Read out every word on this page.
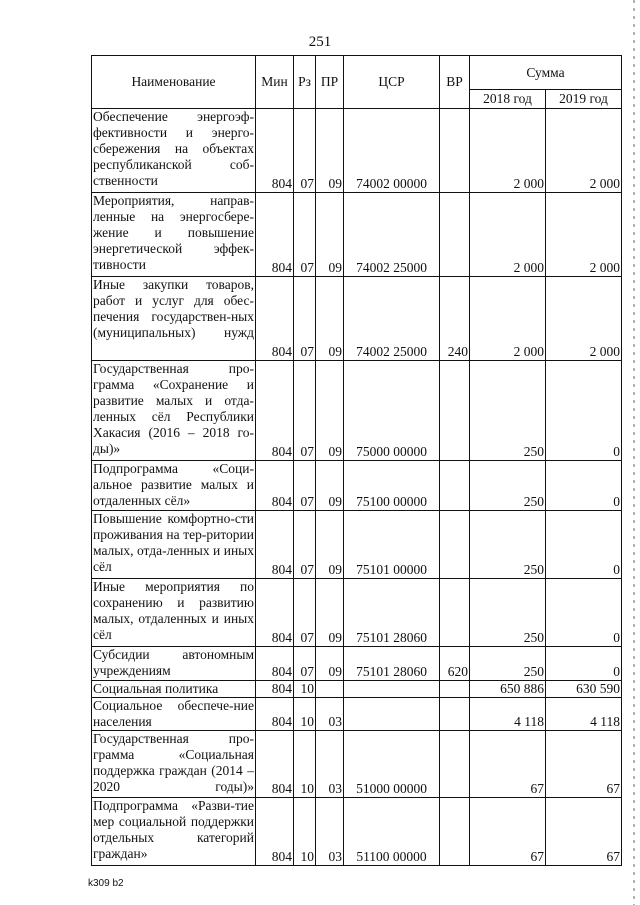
251
Наименование	Мин	Рз	ПР	ЦСР	ВР	Сумма	
						2018 год	2019 год
Обеспечение энергоэф-фективности и энерго-сбережения на объектах республиканской соб-ственности	804	07	09	74002 00000		2 000	2 000
Мероприятия, направ-ленные на энергосбере-жение и повышение энергетической эффек-тивности	804	07	09	74002 25000		2 000	2 000
Иные закупки товаров, работ и услуг для обес-печения государствен-ных (муниципальных) нужд	804	07	09	74002 25000	240	2 000	2 000
Государственная про-грамма «Сохранение и развитие малых и отда-ленных сёл Республики Хакасия (2016 – 2018 го-ды)»	804	07	09	75000 00000		250	0
Подпрограмма «Соци-альное развитие малых и отдаленных сёл»	804	07	09	75100 00000		250	0
Повышение комфортно-сти проживания на тер-ритории малых, отда-ленных и иных сёл	804	07	09	75101 00000		250	0
Иные мероприятия по сохранению и развитию малых, отдаленных и иных сёл	804	07	09	75101 28060		250	0
Субсидии автономным учреждениям	804	07	09	75101 28060	620	250	0
Социальная политика	804	10				650 886	630 590
Социальное обеспече-ние населения	804	10	03			4 118	4 118
Государственная про-грамма «Социальная поддержка граждан (2014 – 2020 годы)»	804	10	03	51000 00000		67	67
Подпрограмма «Разви-тие мер социальной поддержки отдельных категорий граждан»	804	10	03	51100 00000		67	67
k309 b2
